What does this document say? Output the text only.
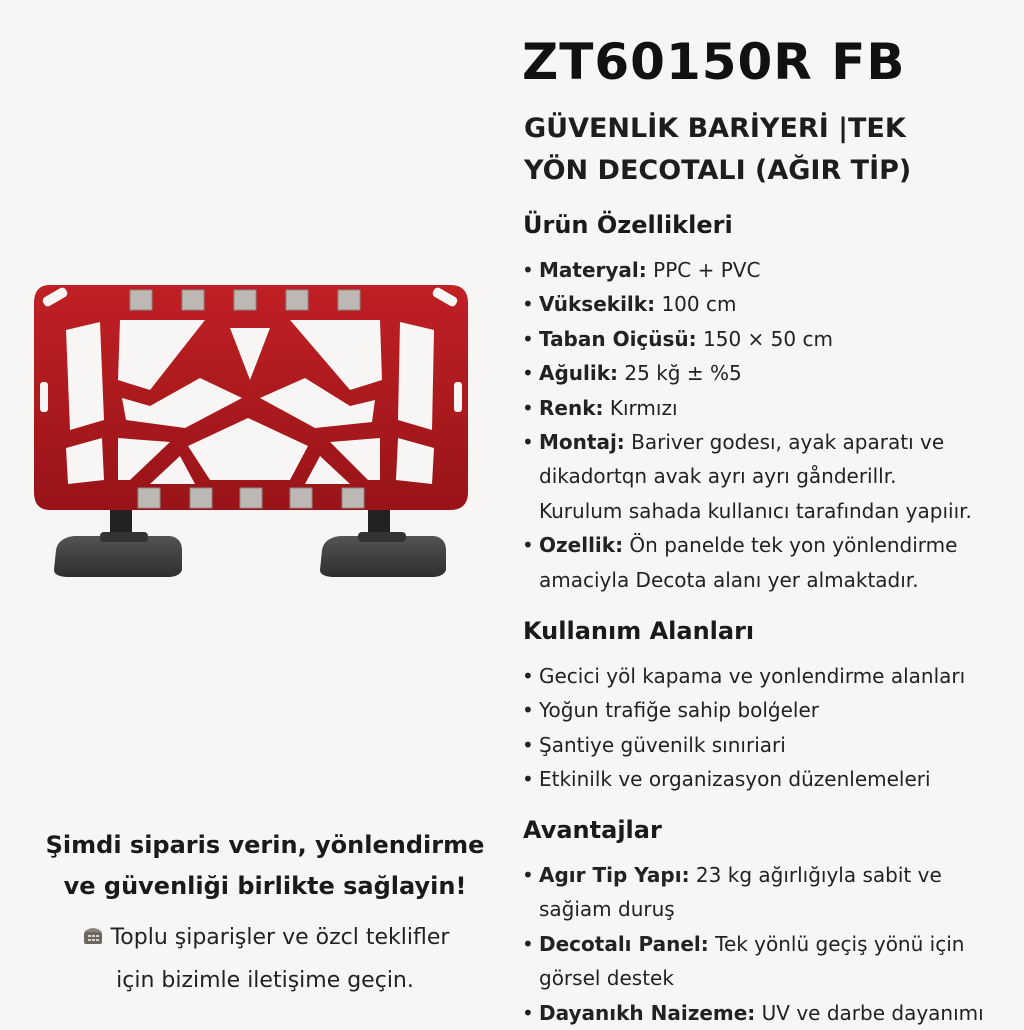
ZT60150R FB
GÜVENLİK BARİYERİ |TEK YÖN DECOTALI (AĞIR TİP)
Ürün Özellikleri
• Materyal: PPC + PVC
• Vüksekilk: 100 cm
• Taban Oiçüsü: 150 × 50 cm
• Ağulik: 25 kğ ± %5
• Renk: Kırmızı
• Montaj: Bariver godesı, ayak aparatı ve
dikadortqn avak ayrı ayrı gånderillr.
Kurulum sahada kullanıcı tarafından yapıiır.
• Ozellik: Ön panelde tek yon yönlendirme
amaciyla Decota alanı yer almaktadır.
Kullanım Alanları
• Gecici yöl kapama ve yonlendirme alanları
• Yoğun trafiğe sahip bolģeler
• Şantiye güvenilk sınıriari
• Etkinilk ve organizasyon düzenlemeleri
Avantajlar
• Agır Tip Yapı: 23 kg ağırlığıyla sabit ve
sağiam duruş
• Decotalı Panel: Tek yönlü geçiş yönü için
görsel destek
• Dayanıkh Naizeme: UV ve darbe dayanımı
Şimdi siparis verin, yönlendirme
ve güvenliği birlikte sağlayin!
Toplu şiparişler ve özcl teklifler
için bizimle iletişime geçin.
